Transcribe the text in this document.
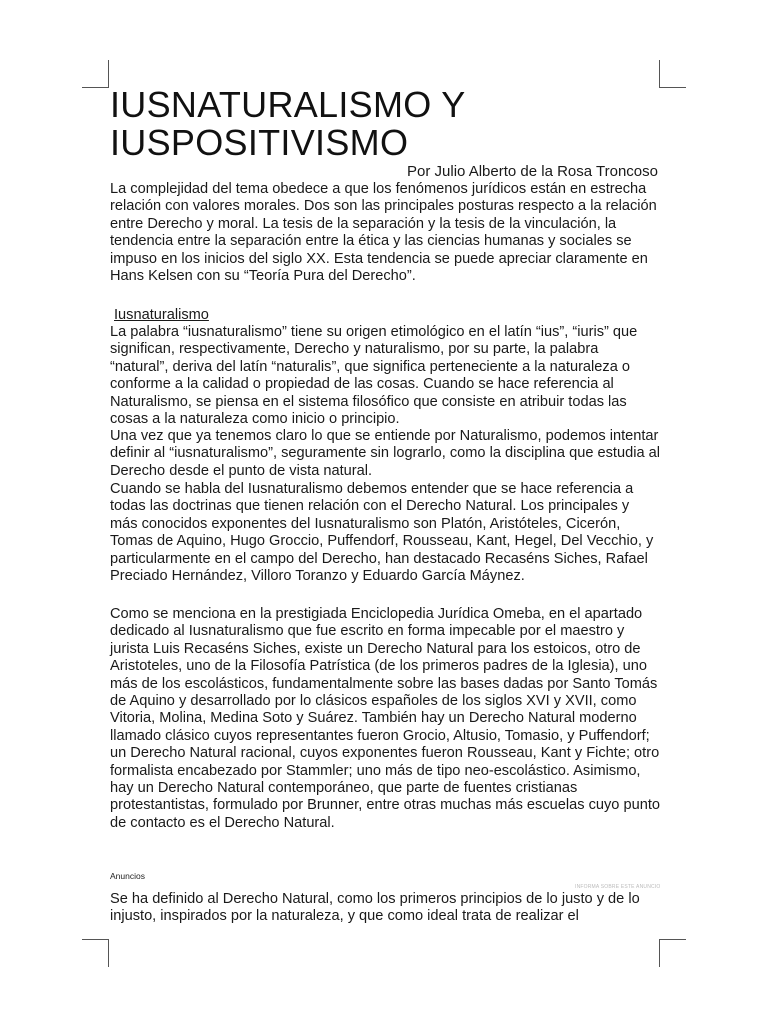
IUSNATURALISMO Y
IUSPOSITIVISMO
Por Julio Alberto de la Rosa Troncoso

La complejidad del tema obedece a que los fenómenos jurídicos están en estrecha relación con valores morales. Dos son las principales posturas respecto a la relación entre Derecho y moral. La tesis de la separación y la tesis de la vinculación, la tendencia entre la separación entre la ética y las ciencias humanas y sociales se impuso en los inicios del siglo XX. Esta tendencia se puede apreciar claramente en Hans Kelsen con su “Teoría Pura del Derecho”.

Iusnaturalismo

La palabra “iusnaturalismo” tiene su origen etimológico en el latín “ius”, “iuris” que significan, respectivamente, Derecho y naturalismo, por su parte, la palabra “natural”, deriva del latín “naturalis”, que significa perteneciente a la naturaleza o conforme a la calidad o propiedad de las cosas. Cuando se hace referencia al Naturalismo, se piensa en el sistema filosófico que consiste en atribuir todas las cosas a la naturaleza como inicio o principio.

Una vez que ya tenemos claro lo que se entiende por Naturalismo, podemos intentar definir al “iusnaturalismo”, seguramente sin lograrlo, como la disciplina que estudia al Derecho desde el punto de vista natural.

Cuando se habla del Iusnaturalismo debemos entender que se hace referencia a todas las doctrinas que tienen relación con el Derecho Natural. Los principales y más conocidos exponentes del Iusnaturalismo son Platón, Aristóteles, Cicerón, Tomas de Aquino, Hugo Groccio, Puffendorf, Rousseau, Kant, Hegel, Del Vecchio, y particularmente en el campo del Derecho, han destacado Recaséns Siches, Rafael Preciado Hernández, Villoro Toranzo y Eduardo García Máynez.

Como se menciona en la prestigiada Enciclopedia Jurídica Omeba, en el apartado dedicado al Iusnaturalismo que fue escrito en forma impecable por el maestro y jurista Luis Recaséns Siches, existe un Derecho Natural para los estoicos, otro de Aristoteles, uno de la Filosofía Patrística (de los primeros padres de la Iglesia), uno más de los escolásticos, fundamentalmente sobre las bases dadas por Santo Tomás de Aquino y desarrollado por lo clásicos españoles de los siglos XVI y XVII, como Vitoria, Molina, Medina Soto y Suárez. También hay un Derecho Natural moderno llamado clásico cuyos representantes fueron Grocio, Altusio, Tomasio, y Puffendorf; un Derecho Natural racional, cuyos exponentes fueron Rousseau, Kant y Fichte; otro formalista encabezado por Stammler; uno más de tipo neo-escolástico. Asimismo, hay un Derecho Natural contemporáneo, que parte de fuentes cristianas protestantistas, formulado por Brunner, entre otras muchas más escuelas cuyo punto de contacto es el Derecho Natural.

Anuncios
INFORMA SOBRE ESTE ANUNCIO

Se ha definido al Derecho Natural, como los primeros principios de lo justo y de lo injusto, inspirados por la naturaleza, y que como ideal trata de realizar el
